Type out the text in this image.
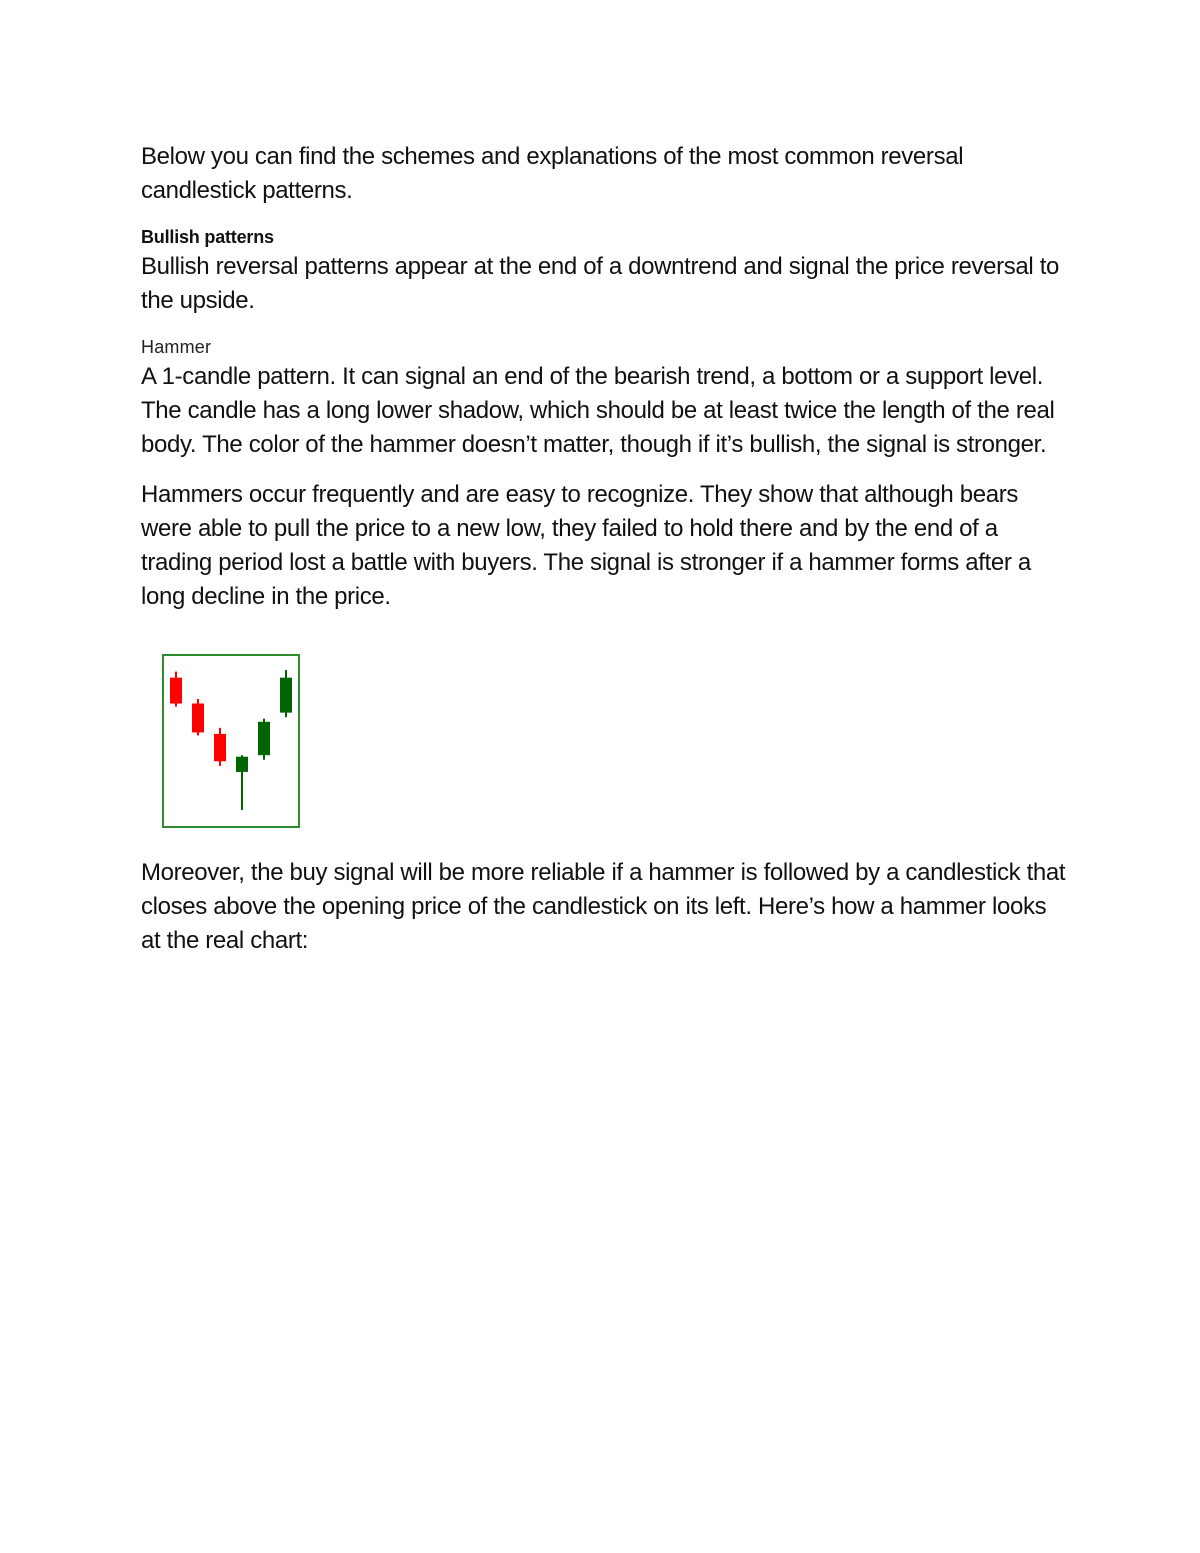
Below you can find the schemes and explanations of the most common reversal candlestick patterns.

Bullish patterns

Bullish reversal patterns appear at the end of a downtrend and signal the price reversal to the upside.

Hammer

A 1-candle pattern. It can signal an end of the bearish trend, a bottom or a support level. The candle has a long lower shadow, which should be at least twice the length of the real body. The color of the hammer doesn’t matter, though if it’s bullish, the signal is stronger.

Hammers occur frequently and are easy to recognize. They show that although bears were able to pull the price to a new low, they failed to hold there and by the end of a trading period lost a battle with buyers. The signal is stronger if a hammer forms after a long decline in the price.

Moreover, the buy signal will be more reliable if a hammer is followed by a candlestick that closes above the opening price of the candlestick on its left. Here’s how a hammer looks at the real chart:
